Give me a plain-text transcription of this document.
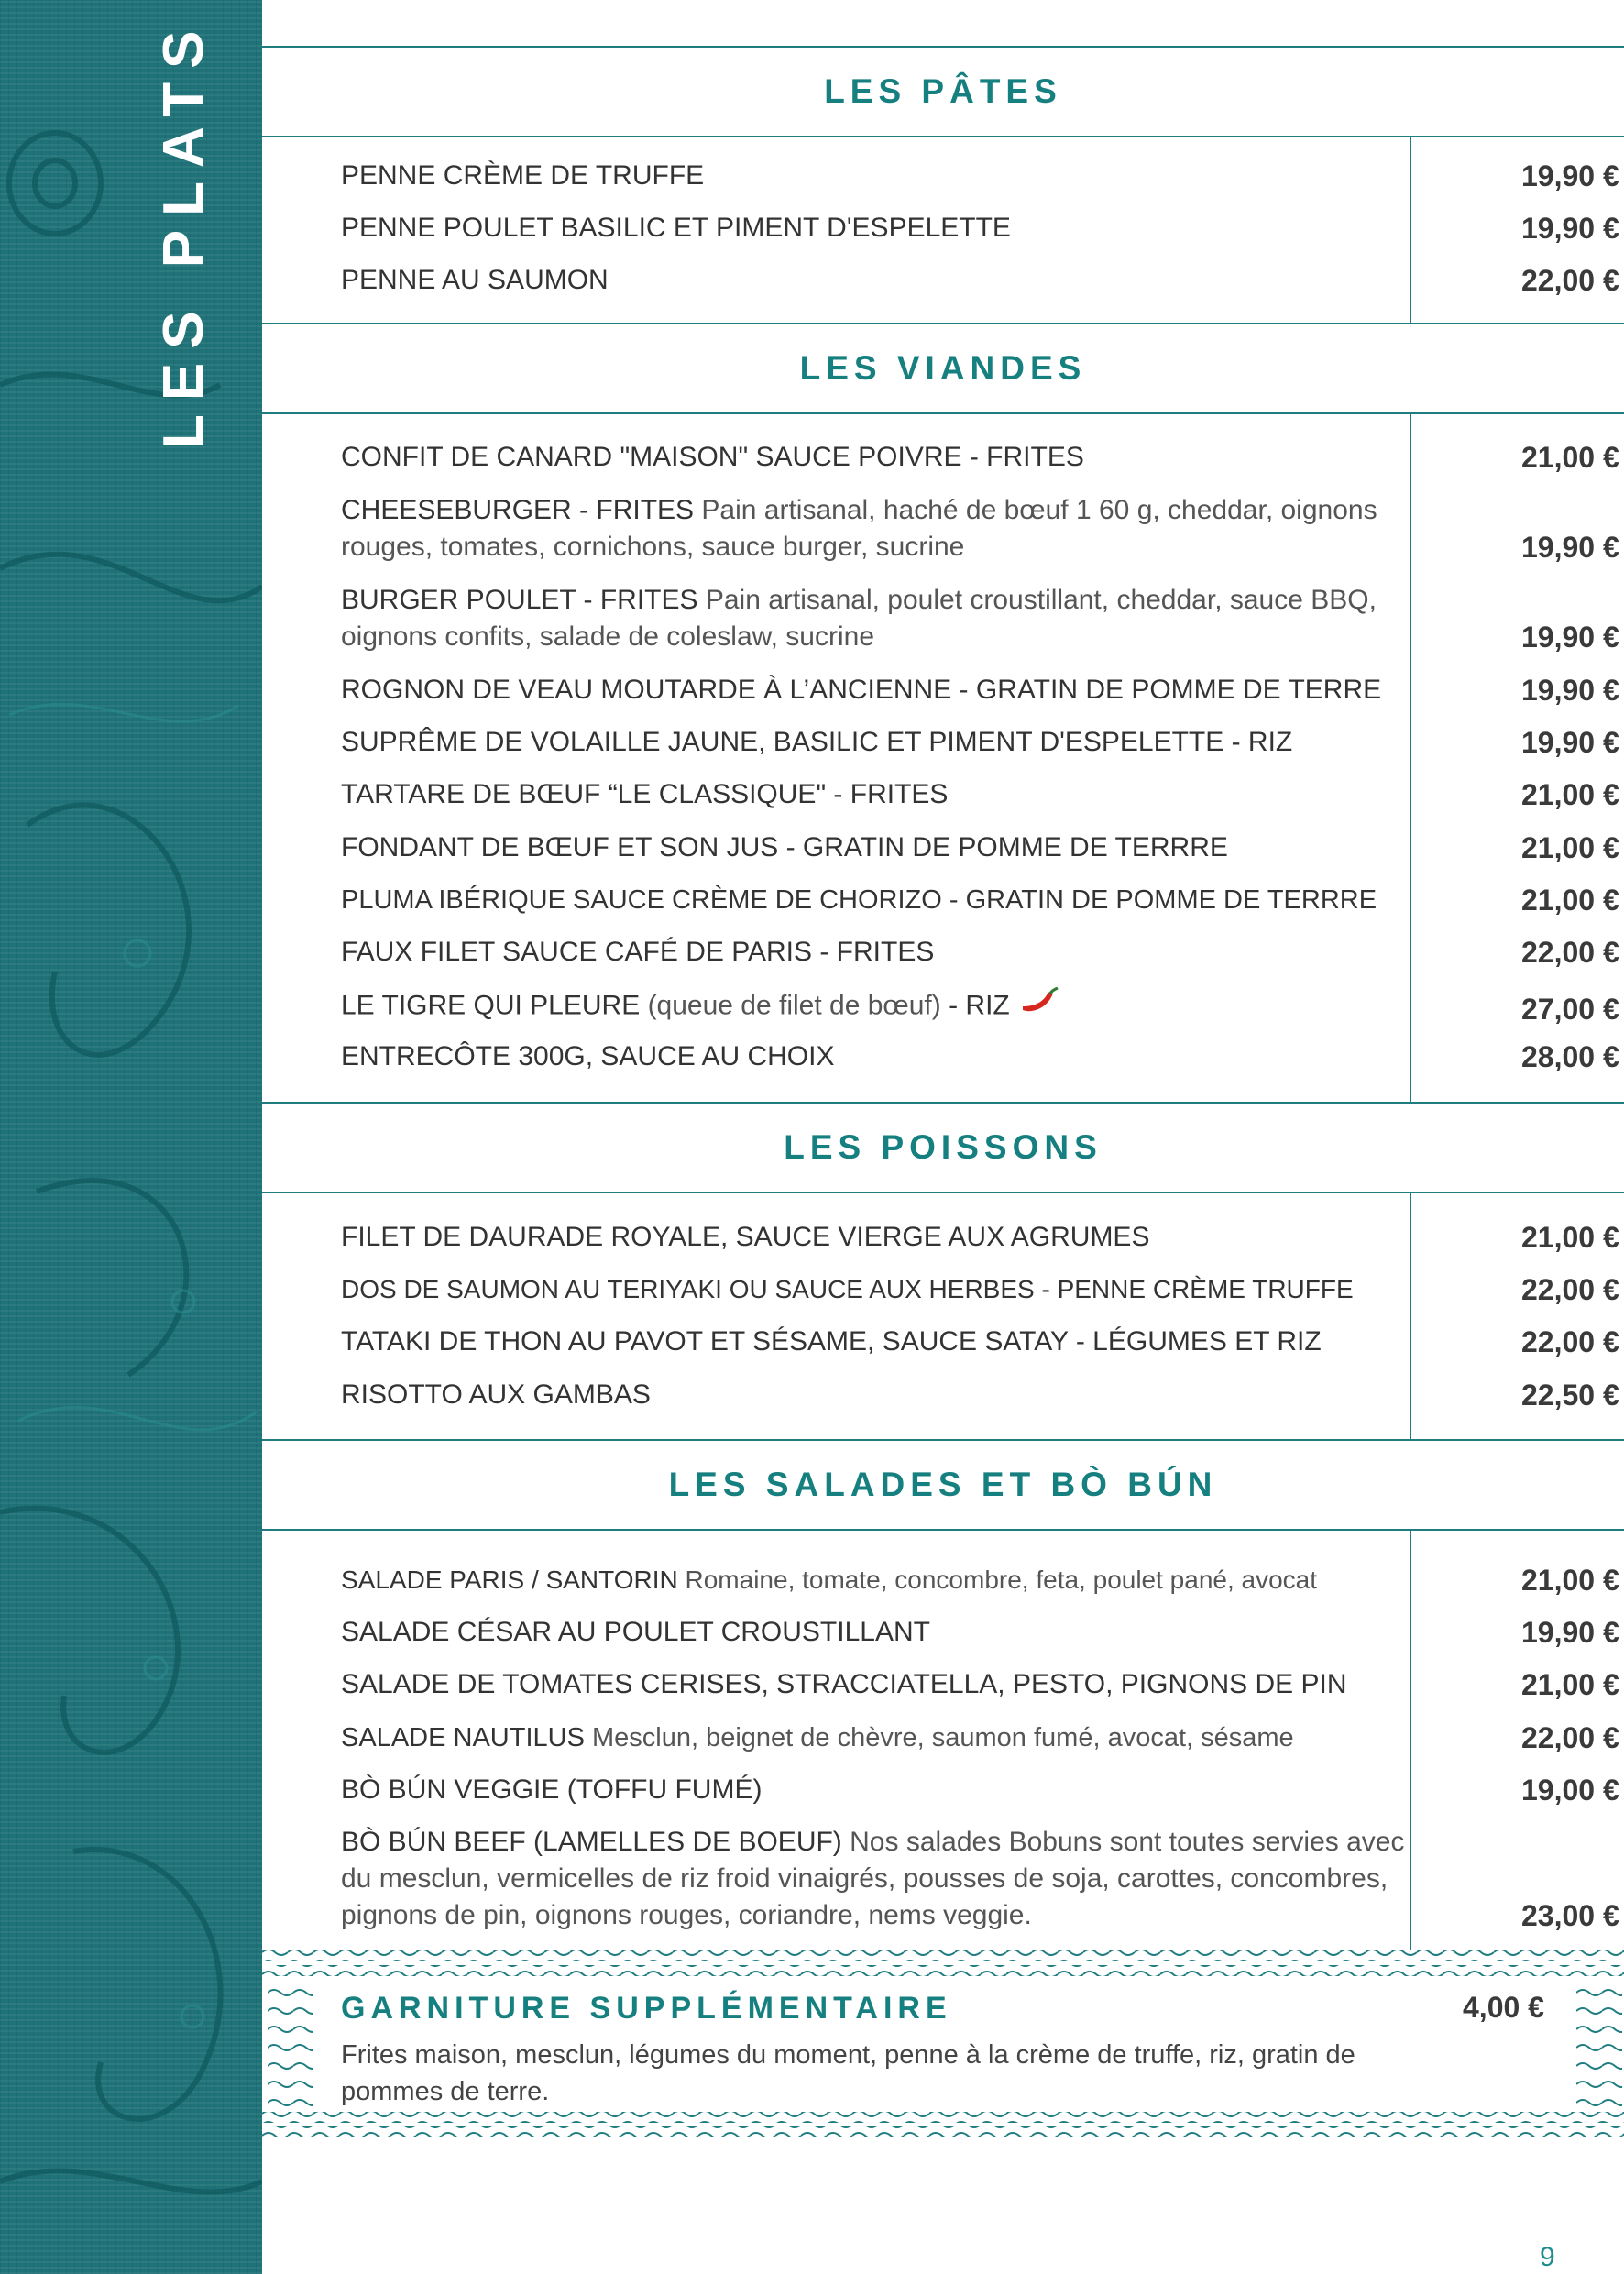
LES PLATS	LES PÂTES
PENNE CRÈME DE TRUFFE	19,90 €
PENNE POULET BASILIC ET PIMENT D'ESPELETTE	19,90 €
PENNE AU SAUMON	22,00 €
LES VIANDES
CONFIT DE CANARD "MAISON" SAUCE POIVRE - FRITES	21,00 €
CHEESEBURGER - FRITES Pain artisanal, haché de bœuf 1 60 g, cheddar, oignons rouges, tomates, cornichons, sauce burger, sucrine	19,90 €
BURGER POULET - FRITES Pain artisanal, poulet croustillant, cheddar, sauce BBQ, oignons confits, salade de coleslaw, sucrine	19,90 €
ROGNON DE VEAU MOUTARDE À L’ANCIENNE - GRATIN DE POMME DE TERRE	19,90 €
SUPRÊME DE VOLAILLE JAUNE, BASILIC ET PIMENT D'ESPELETTE - RIZ	19,90 €
TARTARE DE BŒUF “LE CLASSIQUE" - FRITES	21,00 €
FONDANT DE BŒUF ET SON JUS - GRATIN DE POMME DE TERRRE	21,00 €
PLUMA IBÉRIQUE SAUCE CRÈME DE CHORIZO - GRATIN DE POMME DE TERRRE	21,00 €
FAUX FILET SAUCE CAFÉ DE PARIS - FRITES	22,00 €
LE TIGRE QUI PLEURE (queue de filet de bœuf) - RIZ	27,00 €
ENTRECÔTE 300G, SAUCE AU CHOIX	28,00 €
LES POISSONS
FILET DE DAURADE ROYALE, SAUCE VIERGE AUX AGRUMES	21,00 €
DOS DE SAUMON AU TERIYAKI OU SAUCE AUX HERBES - PENNE CRÈME TRUFFE	22,00 €
TATAKI DE THON AU PAVOT ET SÉSAME, SAUCE SATAY - LÉGUMES ET RIZ	22,00 €
RISOTTO AUX GAMBAS	22,50 €
LES SALADES ET BÒ BÚN
SALADE PARIS / SANTORIN Romaine, tomate, concombre, feta, poulet pané, avocat	21,00 €
SALADE CÉSAR AU POULET CROUSTILLANT	19,90 €
SALADE DE TOMATES CERISES, STRACCIATELLA, PESTO, PIGNONS DE PIN	21,00 €
SALADE NAUTILUS Mesclun, beignet de chèvre, saumon fumé, avocat, sésame	22,00 €
BÒ BÚN VEGGIE (TOFFU FUMÉ)	19,00 €
BÒ BÚN BEEF (LAMELLES DE BOEUF) Nos salades Bobuns sont toutes servies avec du mesclun, vermicelles de riz froid vinaigrés, pousses de soja, carottes, concombres, pignons de pin, oignons rouges, coriandre, nems veggie.	23,00 €
GARNITURE SUPPLÉMENTAIRE	4,00 €
Frites maison, mesclun, légumes du moment, penne à la crème de truffe, riz, gratin de pommes de terre.
9
